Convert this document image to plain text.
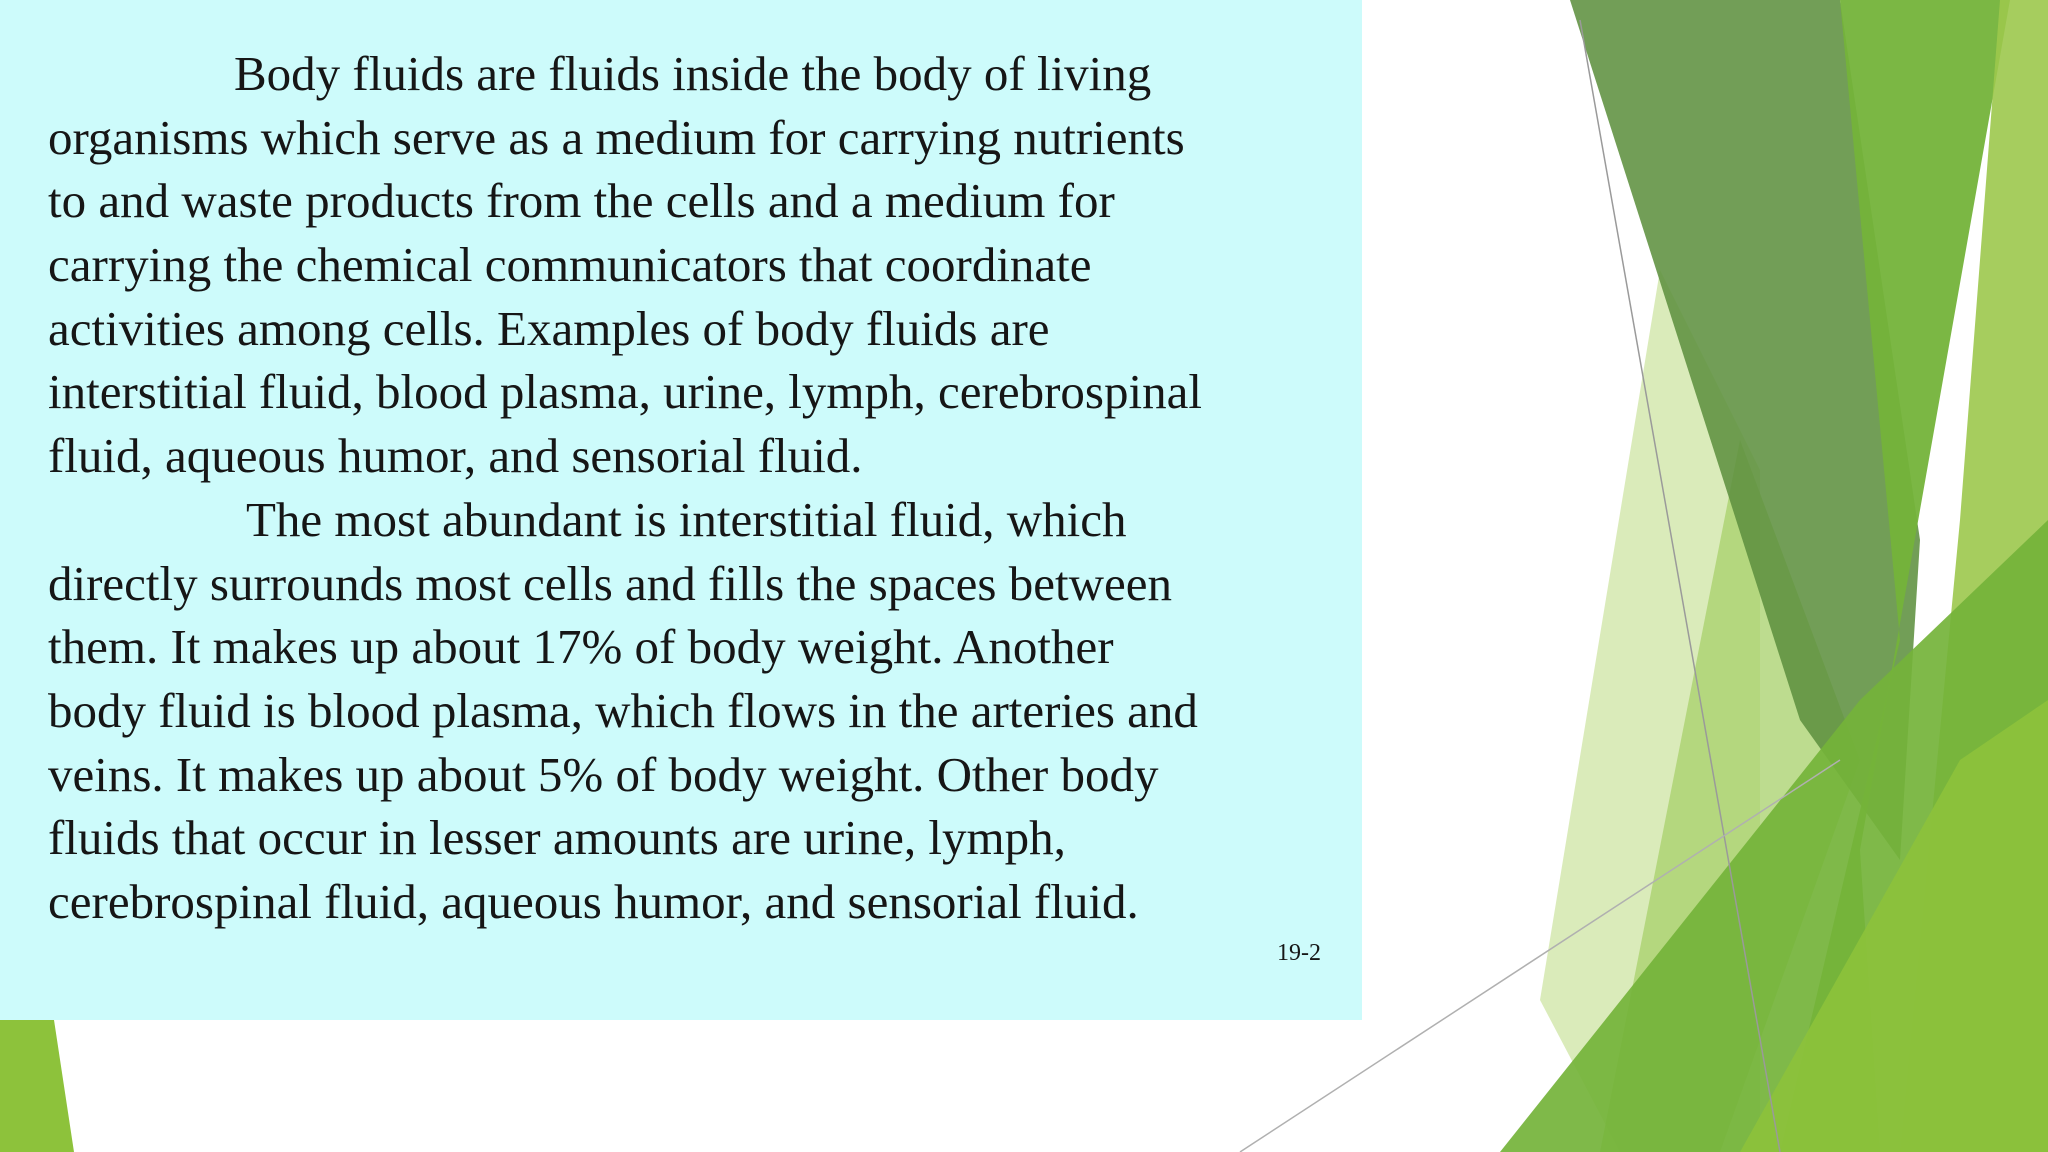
Body fluids are fluids inside the body of living
organisms which serve as a medium for carrying nutrients
to and waste products from the cells and a medium for
carrying the chemical communicators that coordinate
activities among cells. Examples of body fluids are
interstitial fluid, blood plasma, urine, lymph, cerebrospinal
fluid, aqueous humor, and sensorial fluid.
The most abundant is interstitial fluid, which
directly surrounds most cells and fills the spaces between
them. It makes up about 17% of body weight. Another
body fluid is blood plasma, which flows in the arteries and
veins. It makes up about 5% of body weight. Other body
fluids that occur in lesser amounts are urine, lymph,
cerebrospinal fluid, aqueous humor, and sensorial fluid.
19-2
